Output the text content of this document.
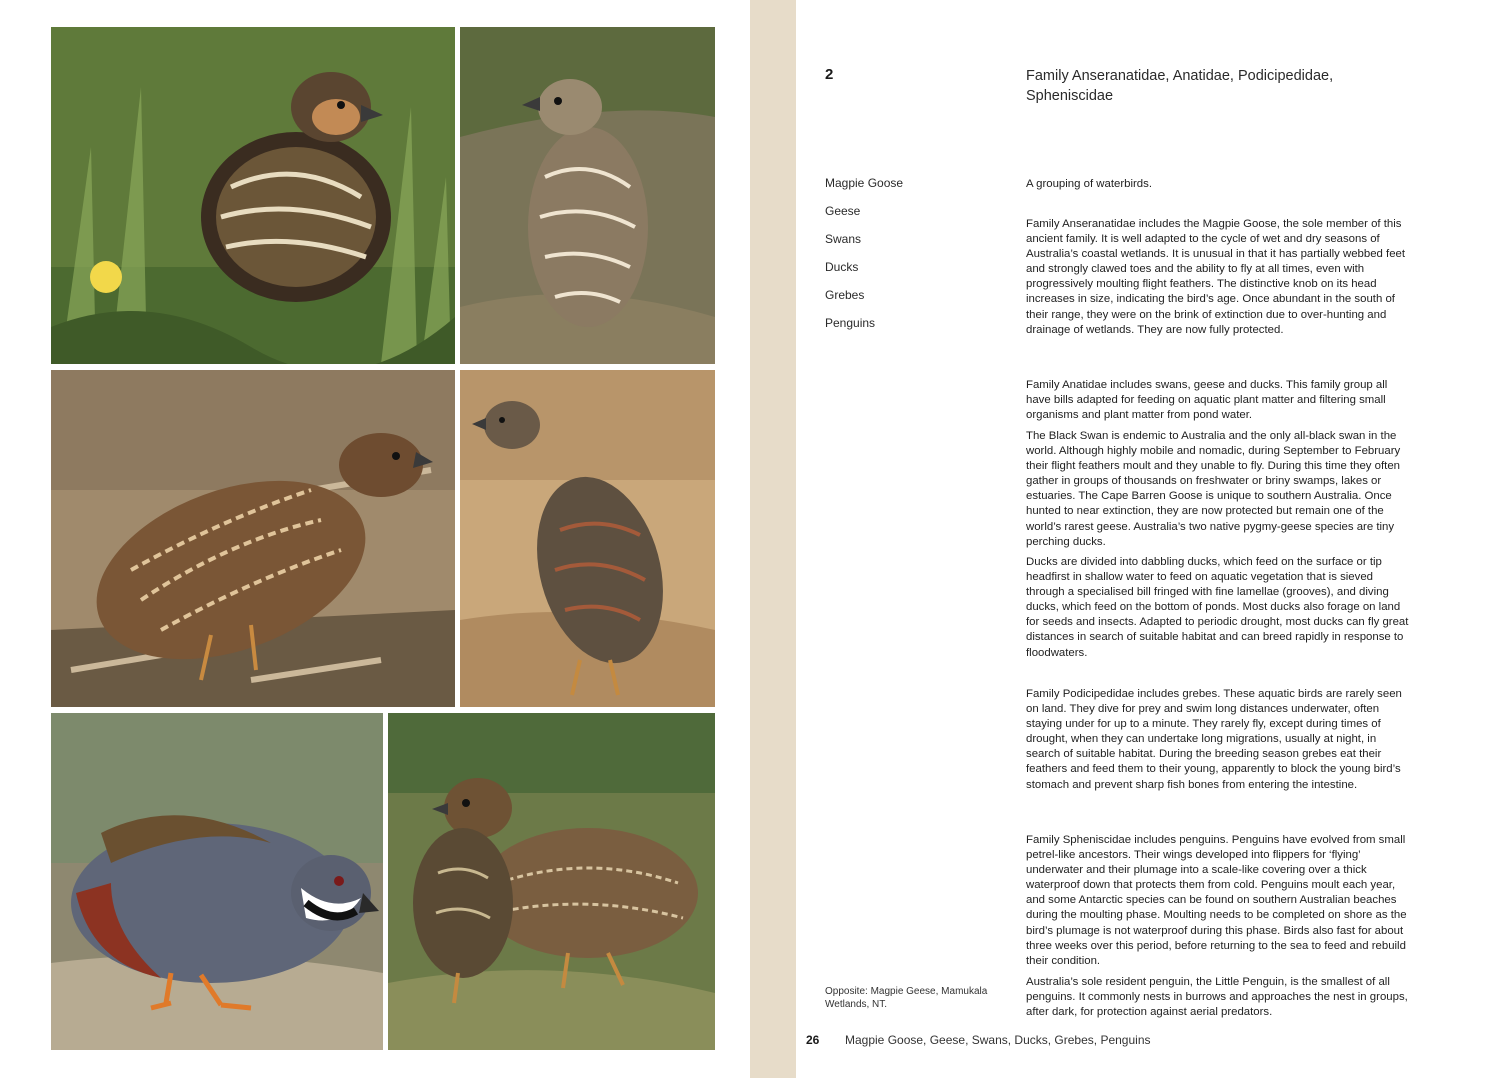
2	Family Anseranatidae, Anatidae, Podicipedidae, Spheniscidae
Magpie Goose
Geese
Swans
Ducks
Grebes
Penguins

A grouping of waterbirds.

Family Anseranatidae includes the Magpie Goose, the sole member of this ancient family. It is well adapted to the cycle of wet and dry seasons of Australia’s coastal wetlands. It is unusual in that it has partially webbed feet and strongly clawed toes and the ability to fly at all times, even with progressively moulting flight feathers. The distinctive knob on its head increases in size, indicating the bird’s age. Once abundant in the south of their range, they were on the brink of extinction due to over-hunting and drainage of wetlands. They are now fully protected.

Family Anatidae includes swans, geese and ducks. This family group all have bills adapted for feeding on aquatic plant matter and filtering small organisms and plant matter from pond water.

The Black Swan is endemic to Australia and the only all-black swan in the world. Although highly mobile and nomadic, during September to February their flight feathers moult and they unable to fly. During this time they often gather in groups of thousands on freshwater or briny swamps, lakes or estuaries. The Cape Barren Goose is unique to southern Australia. Once hunted to near extinction, they are now protected but remain one of the world’s rarest geese. Australia’s two native pygmy-geese species are tiny perching ducks.

Ducks are divided into dabbling ducks, which feed on the surface or tip headfirst in shallow water to feed on aquatic vegetation that is sieved through a specialised bill fringed with fine lamellae (grooves), and diving ducks, which feed on the bottom of ponds. Most ducks also forage on land for seeds and insects. Adapted to periodic drought, most ducks can fly great distances in search of suitable habitat and can breed rapidly in response to floodwaters.

Family Podicipedidae includes grebes. These aquatic birds are rarely seen on land. They dive for prey and swim long distances underwater, often staying under for up to a minute. They rarely fly, except during times of drought, when they can undertake long migrations, usually at night, in search of suitable habitat. During the breeding season grebes eat their feathers and feed them to their young, apparently to block the young bird’s stomach and prevent sharp fish bones from entering the intestine.

Family Spheniscidae includes penguins. Penguins have evolved from small petrel-like ancestors. Their wings developed into flippers for ‘flying’ underwater and their plumage into a scale-like covering over a thick waterproof down that protects them from cold. Penguins moult each year, and some Antarctic species can be found on southern Australian beaches during the moulting phase. Moulting needs to be completed on shore as the bird’s plumage is not waterproof during this phase. Birds also fast for about three weeks over this period, before returning to the sea to feed and rebuild their condition.

Australia’s sole resident penguin, the Little Penguin, is the smallest of all penguins. It commonly nests in burrows and approaches the nest in groups, after dark, for protection against aerial predators.

Opposite: Magpie Geese, Mamukala Wetlands, NT.
26 Magpie Goose, Geese, Swans, Ducks, Grebes, Penguins
